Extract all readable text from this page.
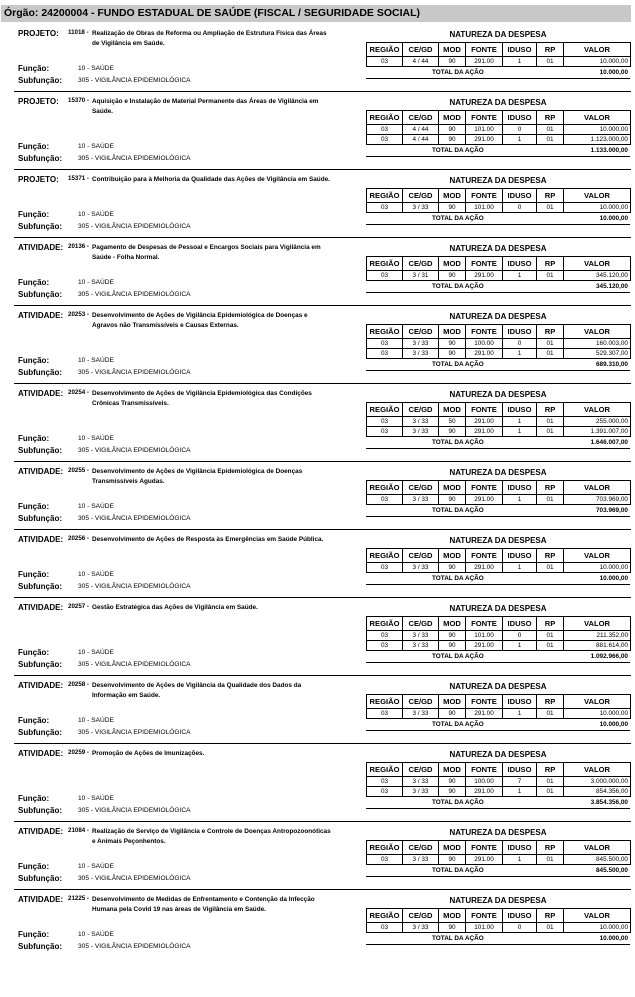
Órgão: 24200004 - FUNDO ESTADUAL DE SAÚDE (FISCAL / SEGURIDADE SOCIAL)
PROJETO: 11018 - Realização de Obras de Reforma ou Ampliação de Estrutura Física das Áreas de Vigilância em Saúde.
Função:	10 - SAÚDE
Subfunção: 305 - VIGILÂNCIA EPIDEMIOLÓGICA
NATUREZA DA DESPESA
REGIÃO	CE/GD	MOD	FONTE	IDUSO	RP	VALOR
03	4 / 44	90	291.00	1	01	10.000,00
TOTAL DA AÇÃO	10.000,00
PROJETO: 15370 - Aquisição e Instalação de Material Permanente das Áreas de Vigilância em Saúde.
Função:	10 - SAÚDE
Subfunção: 305 - VIGILÂNCIA EPIDEMIOLÓGICA
NATUREZA DA DESPESA
REGIÃO	CE/GD	MOD	FONTE	IDUSO	RP	VALOR
03	4 / 44	90	101.00	0	01	10.000,00
03	4 / 44	90	291.00	1	01	1.123.000,00
TOTAL DA AÇÃO	1.133.000,00
PROJETO: 15371 - Contribuição para à Melhoria da Qualidade das Ações de Vigilância em Saúde.
Função:	10 - SAÚDE
Subfunção: 305 - VIGILÂNCIA EPIDEMIOLÓGICA
NATUREZA DA DESPESA
REGIÃO	CE/GD	MOD	FONTE	IDUSO	RP	VALOR
03	3 / 33	90	101.00	0	01	10.000,00
TOTAL DA AÇÃO	10.000,00
ATIVIDADE: 20136 - Pagamento de Despesas de Pessoal e Encargos Sociais para Vigilância em Saúde - Folha Normal.
Função:	10 - SAÚDE
Subfunção: 305 - VIGILÂNCIA EPIDEMIOLÓGICA
NATUREZA DA DESPESA
REGIÃO	CE/GD	MOD	FONTE	IDUSO	RP	VALOR
03	3 / 31	90	291.00	1	01	345.120,00
TOTAL DA AÇÃO	345.120,00
ATIVIDADE: 20253 - Desenvolvimento de Ações de Vigilância Epidemiológica de Doenças e Agravos não Transmissíveis e Causas Externas.
Função:	10 - SAÚDE
Subfunção: 305 - VIGILÂNCIA EPIDEMIOLÓGICA
NATUREZA DA DESPESA
REGIÃO	CE/GD	MOD	FONTE	IDUSO	RP	VALOR
03	3 / 33	90	100.00	0	01	160.003,00
03	3 / 33	90	291.00	1	01	529.307,00
TOTAL DA AÇÃO	689.310,00
ATIVIDADE: 20254 - Desenvolvimento de Ações de Vigilância Epidemiológica das Condições Crônicas Transmissíveis.
Função:	10 - SAÚDE
Subfunção: 305 - VIGILÂNCIA EPIDEMIOLÓGICA
NATUREZA DA DESPESA
REGIÃO	CE/GD	MOD	FONTE	IDUSO	RP	VALOR
03	3 / 33	50	291.00	1	01	255.000,00
03	3 / 33	90	291.00	1	01	1.391.007,00
TOTAL DA AÇÃO	1.646.007,00
ATIVIDADE: 20255 - Desenvolvimento de Ações de Vigilância Epidemiológica de Doenças Transmissíveis Agudas.
Função:	10 - SAÚDE
Subfunção: 305 - VIGILÂNCIA EPIDEMIOLÓGICA
NATUREZA DA DESPESA
REGIÃO	CE/GD	MOD	FONTE	IDUSO	RP	VALOR
03	3 / 33	90	291.00	1	01	703.969,00
TOTAL DA AÇÃO	703.969,00
ATIVIDADE: 20256 - Desenvolvimento de Ações de Resposta às Emergências em Saúde Pública.
Função:	10 - SAÚDE
Subfunção: 305 - VIGILÂNCIA EPIDEMIOLÓGICA
NATUREZA DA DESPESA
REGIÃO	CE/GD	MOD	FONTE	IDUSO	RP	VALOR
03	3 / 33	90	291.00	1	01	10.000,00
TOTAL DA AÇÃO	10.000,00
ATIVIDADE: 20257 - Gestão Estratégica das Ações de Vigilância em Saúde.
Função:	10 - SAÚDE
Subfunção: 305 - VIGILÂNCIA EPIDEMIOLÓGICA
NATUREZA DA DESPESA
REGIÃO	CE/GD	MOD	FONTE	IDUSO	RP	VALOR
03	3 / 33	90	101.00	0	01	211.352,00
03	3 / 33	90	291.00	1	01	881.614,00
TOTAL DA AÇÃO	1.092.966,00
ATIVIDADE: 20258 - Desenvolvimento de Ações de Vigilância da Qualidade dos Dados da Informação em Saúde.
Função:	10 - SAÚDE
Subfunção: 305 - VIGILÂNCIA EPIDEMIOLÓGICA
NATUREZA DA DESPESA
REGIÃO	CE/GD	MOD	FONTE	IDUSO	RP	VALOR
03	3 / 33	90	291.00	1	01	10.000,00
TOTAL DA AÇÃO	10.000,00
ATIVIDADE: 20259 - Promoção de Ações de Imunizações.
Função:	10 - SAÚDE
Subfunção: 305 - VIGILÂNCIA EPIDEMIOLÓGICA
NATUREZA DA DESPESA
REGIÃO	CE/GD	MOD	FONTE	IDUSO	RP	VALOR
03	3 / 33	90	100.00	7	01	3.000.000,00
03	3 / 33	90	291.00	1	01	854.356,00
TOTAL DA AÇÃO	3.854.356,00
ATIVIDADE: 21084 - Realização de Serviço de Vigilância e Controle de Doenças Antropozoonóticas e Animais Peçonhentos.
Função:	10 - SAÚDE
Subfunção: 305 - VIGILÂNCIA EPIDEMIOLÓGICA
NATUREZA DA DESPESA
REGIÃO	CE/GD	MOD	FONTE	IDUSO	RP	VALOR
03	3 / 33	90	291.00	1	01	845.500,00
TOTAL DA AÇÃO	845.500,00
ATIVIDADE: 21225 - Desenvolvimento de Medidas de Enfrentamento e Contenção da Infecção Humana pela Covid 19 nas áreas de Vigilância em Saúde.
Função:	10 - SAÚDE
Subfunção: 305 - VIGILÂNCIA EPIDEMIOLÓGICA
NATUREZA DA DESPESA
REGIÃO	CE/GD	MOD	FONTE	IDUSO	RP	VALOR
03	3 / 33	90	101.00	0	01	10.000,00
TOTAL DA AÇÃO	10.000,00
